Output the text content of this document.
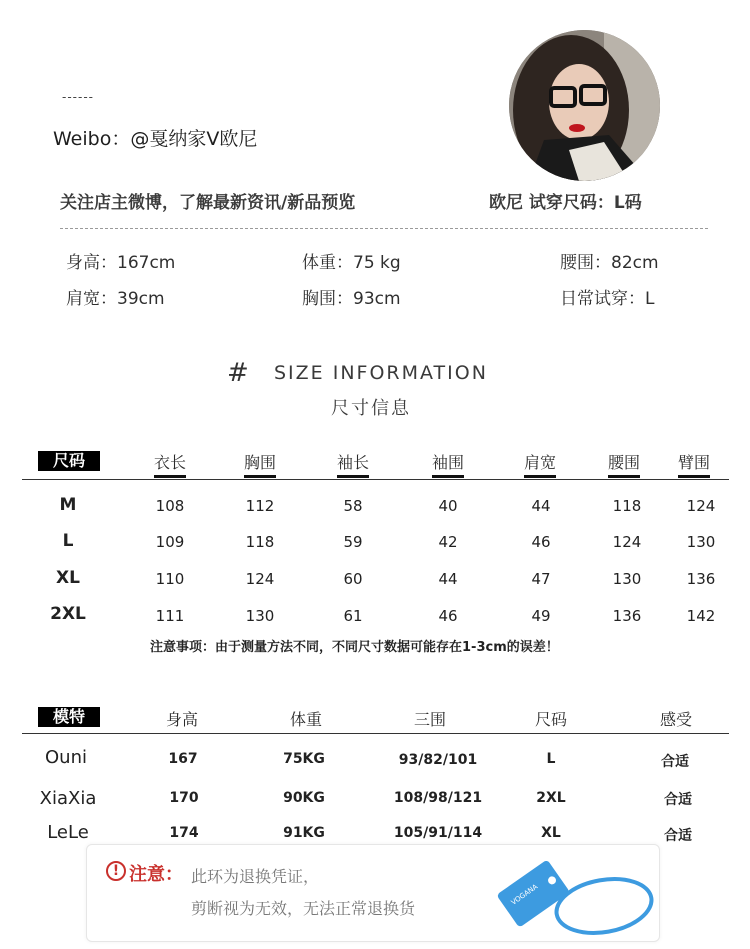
------
Weibo：@戛纳家V欧尼
关注店主微博，了解最新资讯/新品预览	欧尼 试穿尺码：L码
身高：167cm	体重：75 kg	腰围：82cm
肩宽：39cm	胸围：93cm	日常试穿：L
# SIZE INFORMATION
尺寸信息
尺码	衣长	胸围	袖长	袖围	肩宽	腰围	臂围
M	108	112	58	40	44	118	124
L	109	118	59	42	46	124	130
XL	110	124	60	44	47	130	136
2XL	111	130	61	46	49	136	142
注意事项：由于测量方法不同，不同尺寸数据可能存在1-3cm的误差！
模特	身高	体重	三围	尺码	感受
Ouni	167	75KG	93/82/101	L	合适
XiaXia	170	90KG	108/98/121	2XL	合适
LeLe	174	91KG	105/91/114	XL	合适
! 注意： 此环为退换凭证，
剪断视为无效，无法正常退换货
VOGANA
